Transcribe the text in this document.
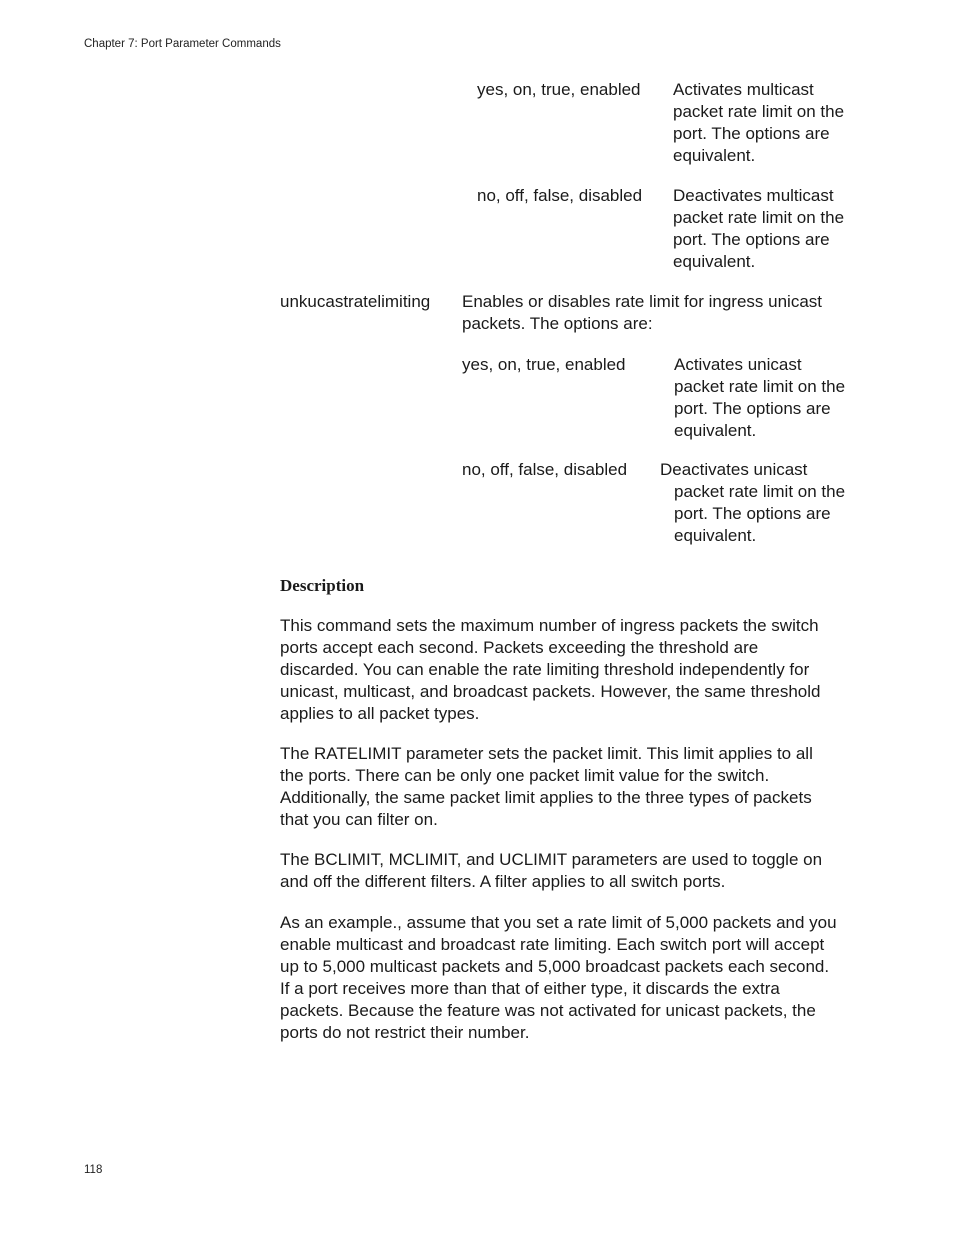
Chapter 7: Port Parameter Commands
yes, on, true, enabled Activates multicast packet rate limit on the port. The options are equivalent.
no, off, false, disabled Deactivates multicast packet rate limit on the port. The options are equivalent.
unkucastratelimiting Enables or disables rate limit for ingress unicast packets. The options are:
yes, on, true, enabled	Activates unicast packet rate limit on the port. The options are equivalent.
no, off, false, disabled Deactivates unicast packet rate limit on the port. The options are equivalent.
Description
This command sets the maximum number of ingress packets the switch ports accept each second. Packets exceeding the threshold are discarded. You can enable the rate limiting threshold independently for unicast, multicast, and broadcast packets. However, the same threshold applies to all packet types.
The RATELIMIT parameter sets the packet limit. This limit applies to all the ports. There can be only one packet limit value for the switch. Additionally, the same packet limit applies to the three types of packets that you can filter on.
The BCLIMIT, MCLIMIT, and UCLIMIT parameters are used to toggle on and off the different filters. A filter applies to all switch ports.
As an example., assume that you set a rate limit of 5,000 packets and you enable multicast and broadcast rate limiting. Each switch port will accept up to 5,000 multicast packets and 5,000 broadcast packets each second. If a port receives more than that of either type, it discards the extra packets. Because the feature was not activated for unicast packets, the ports do not restrict their number.
118
